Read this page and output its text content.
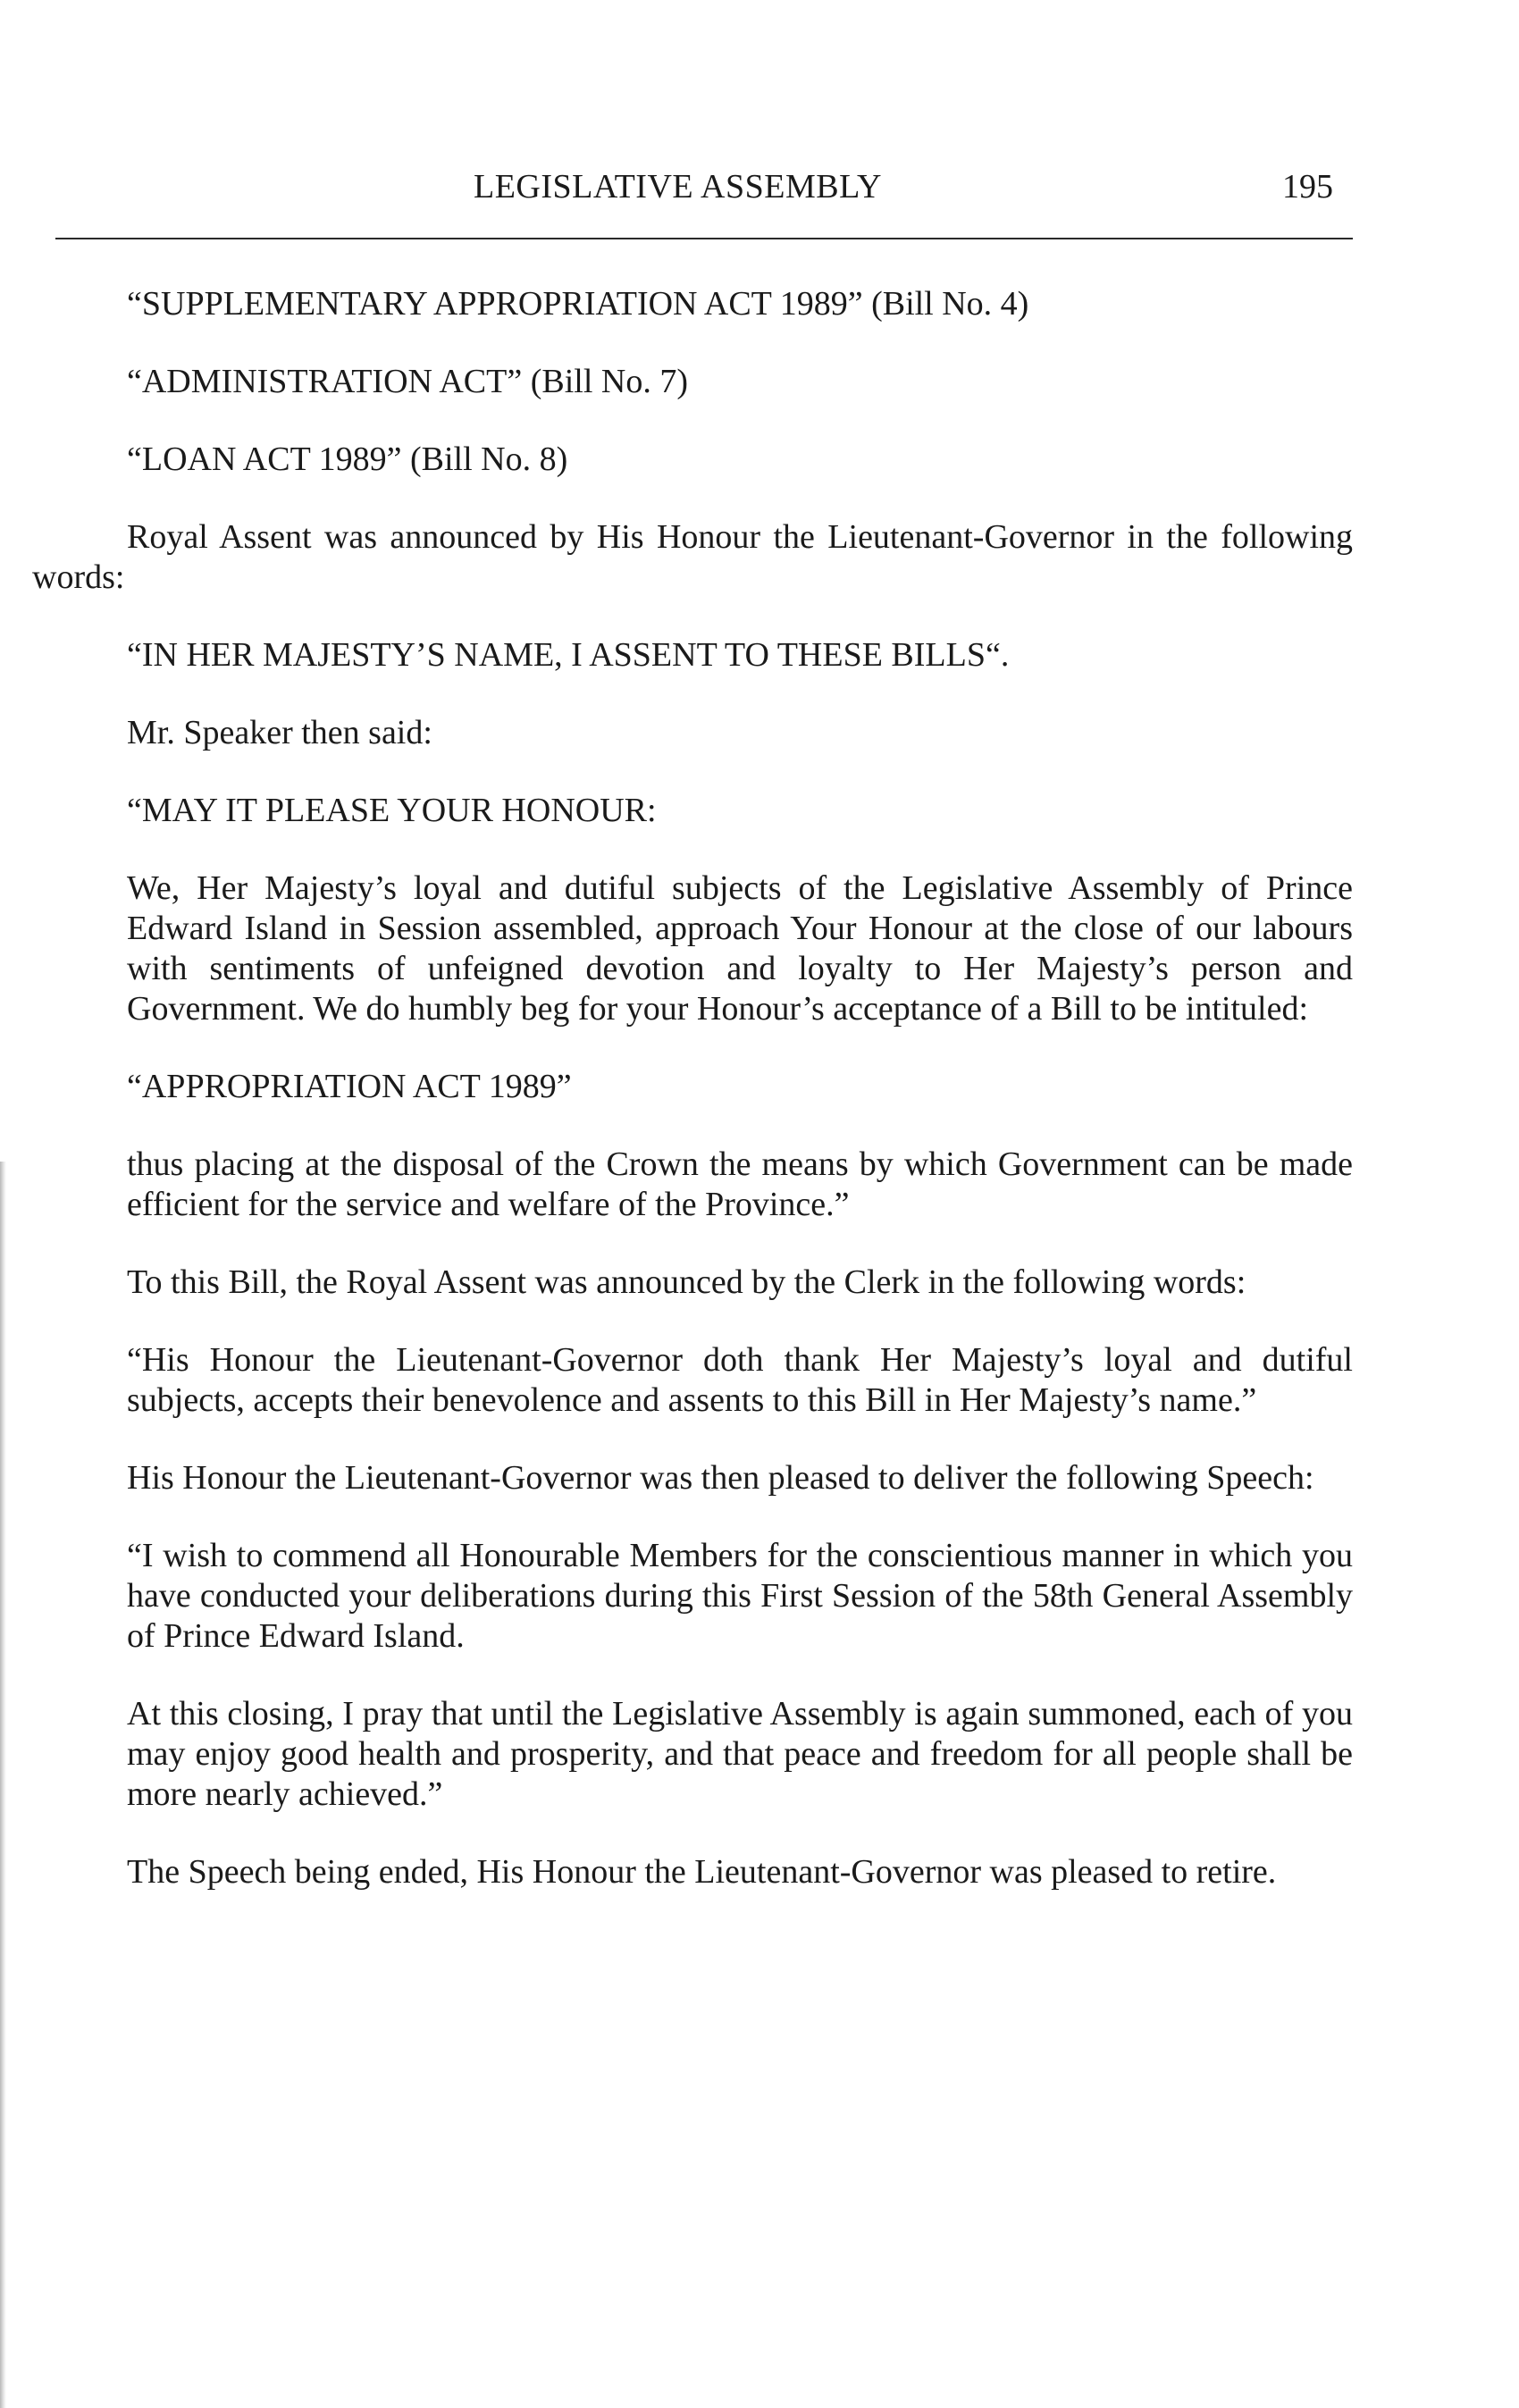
LEGISLATIVE ASSEMBLY	195

“SUPPLEMENTARY APPROPRIATION ACT 1989” (Bill No. 4)

“ADMINISTRATION ACT” (Bill No. 7)

“LOAN ACT 1989” (Bill No. 8)

Royal Assent was announced by His Honour the Lieutenant-Governor in the following words:

“IN HER MAJESTY’S NAME, I ASSENT TO THESE BILLS“.

Mr. Speaker then said:

“MAY IT PLEASE YOUR HONOUR:

We, Her Majesty’s loyal and dutiful subjects of the Legislative Assembly of Prince Edward Island in Session assembled, approach Your Honour at the close of our labours with sentiments of unfeigned devotion and loyalty to Her Majesty’s person and Government. We do humbly beg for your Honour’s acceptance of a Bill to be intituled:

“APPROPRIATION ACT 1989”

thus placing at the disposal of the Crown the means by which Government can be made efficient for the service and welfare of the Province.”

To this Bill, the Royal Assent was announced by the Clerk in the following words:

“His Honour the Lieutenant-Governor doth thank Her Majesty’s loyal and dutiful subjects, accepts their benevolence and assents to this Bill in Her Majesty’s name.”

His Honour the Lieutenant-Governor was then pleased to deliver the following Speech:

“I wish to commend all Honourable Members for the conscientious manner in which you have conducted your deliberations during this First Session of the 58th General Assembly of Prince Edward Island.

At this closing, I pray that until the Legislative Assembly is again summoned, each of you may enjoy good health and prosperity, and that peace and freedom for all people shall be more nearly achieved.”

The Speech being ended, His Honour the Lieutenant-Governor was pleased to retire.
